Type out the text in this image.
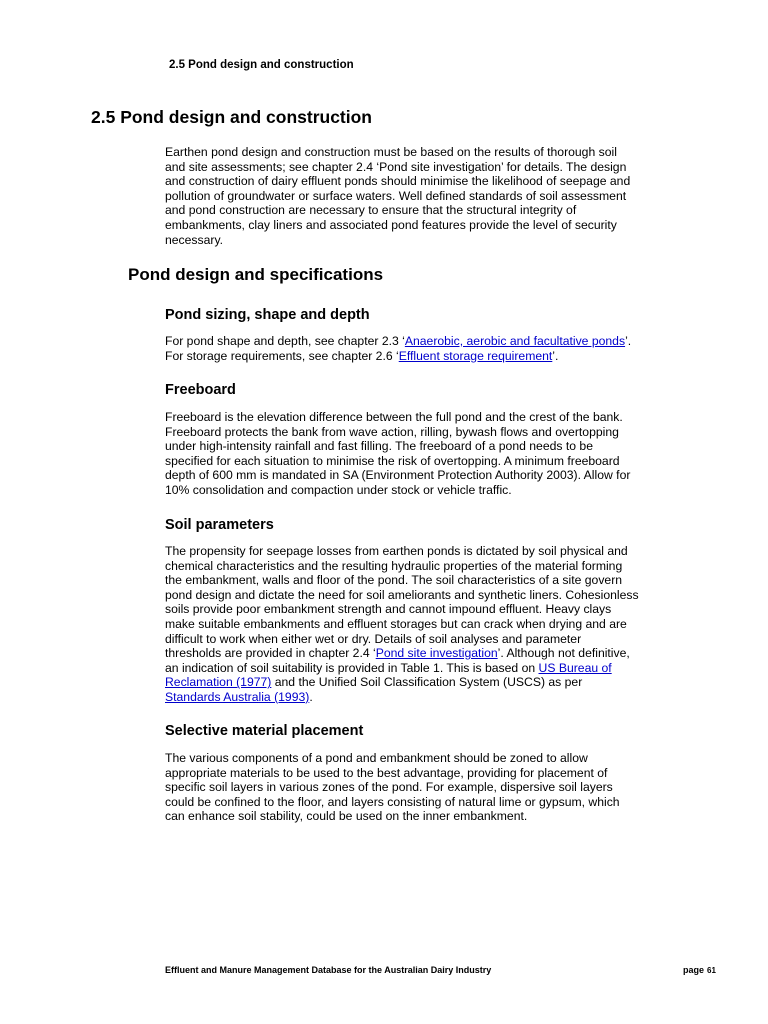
2.5 Pond design and construction
2.5 Pond design and construction

Earthen pond design and construction must be based on the results of thorough soil
and site assessments; see chapter 2.4 ‘Pond site investigation’ for details. The design
and construction of dairy effluent ponds should minimise the likelihood of seepage and
pollution of groundwater or surface waters. Well defined standards of soil assessment
and pond construction are necessary to ensure that the structural integrity of
embankments, clay liners and associated pond features provide the level of security
necessary.

Pond design and specifications
Pond sizing, shape and depth

For pond shape and depth, see chapter 2.3 ‘Anaerobic, aerobic and facultative ponds’.
For storage requirements, see chapter 2.6 ‘Effluent storage requirement’.

Freeboard

Freeboard is the elevation difference between the full pond and the crest of the bank.
Freeboard protects the bank from wave action, rilling, bywash flows and overtopping
under high-intensity rainfall and fast filling. The freeboard of a pond needs to be
specified for each situation to minimise the risk of overtopping. A minimum freeboard
depth of 600 mm is mandated in SA (Environment Protection Authority 2003). Allow for
10% consolidation and compaction under stock or vehicle traffic.

Soil parameters

The propensity for seepage losses from earthen ponds is dictated by soil physical and
chemical characteristics and the resulting hydraulic properties of the material forming
the embankment, walls and floor of the pond. The soil characteristics of a site govern
pond design and dictate the need for soil ameliorants and synthetic liners. Cohesionless
soils provide poor embankment strength and cannot impound effluent. Heavy clays
make suitable embankments and effluent storages but can crack when drying and are
difficult to work when either wet or dry. Details of soil analyses and parameter
thresholds are provided in chapter 2.4 ‘Pond site investigation’. Although not definitive,
an indication of soil suitability is provided in Table 1. This is based on US Bureau of
Reclamation (1977) and the Unified Soil Classification System (USCS) as per
Standards Australia (1993).

Selective material placement

The various components of a pond and embankment should be zoned to allow
appropriate materials to be used to the best advantage, providing for placement of
specific soil layers in various zones of the pond. For example, dispersive soil layers
could be confined to the floor, and layers consisting of natural lime or gypsum, which
can enhance soil stability, could be used on the inner embankment.

Effluent and Manure Management Database for the Australian Dairy Industry	page 61
